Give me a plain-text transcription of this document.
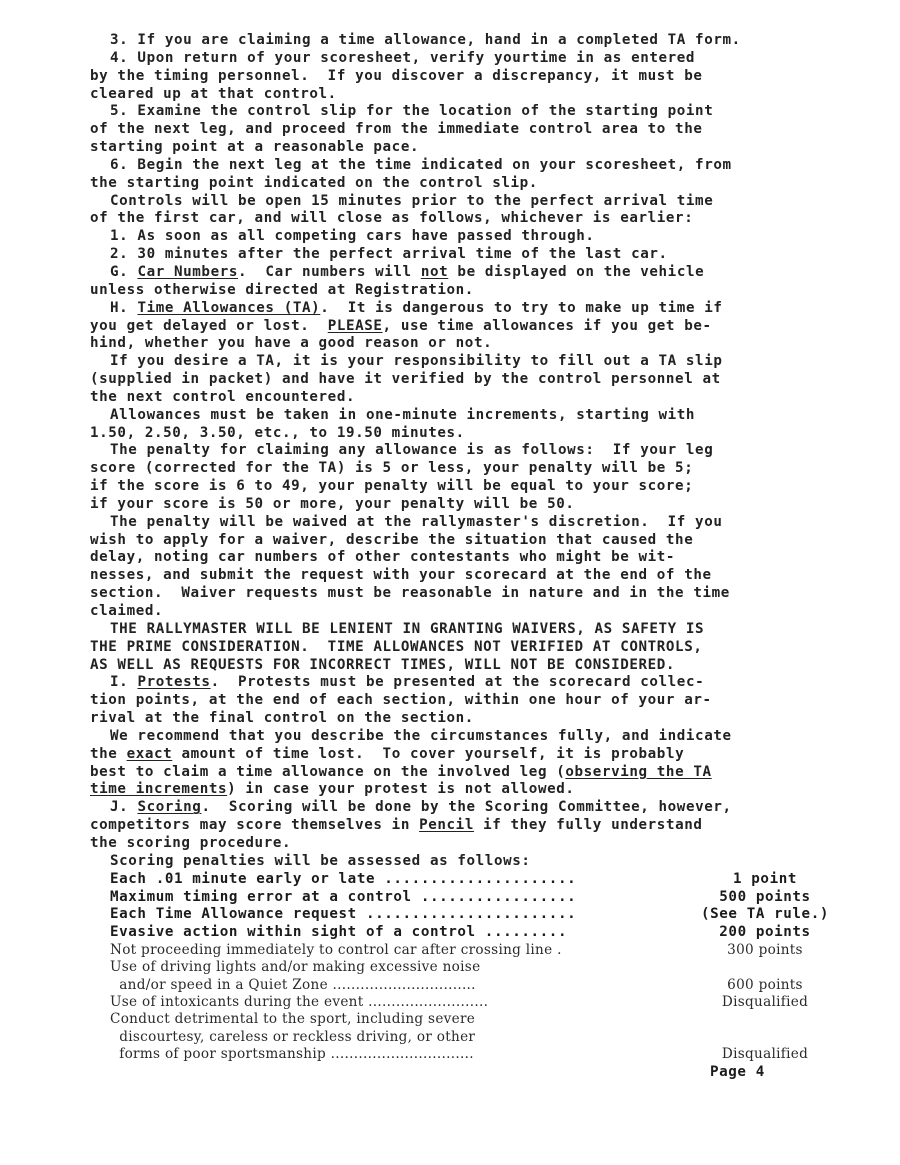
3. If you are claiming a time allowance, hand in a completed TA form.
4. Upon return of your scoresheet, verify yourtime in as entered
by the timing personnel.  If you discover a discrepancy, it must be
cleared up at that control.
5. Examine the control slip for the location of the starting point
of the next leg, and proceed from the immediate control area to the
starting point at a reasonable pace.
6. Begin the next leg at the time indicated on your scoresheet, from
the starting point indicated on the control slip.
Controls will be open 15 minutes prior to the perfect arrival time
of the first car, and will close as follows, whichever is earlier:
1. As soon as all competing cars have passed through.
2. 30 minutes after the perfect arrival time of the last car.
G. Car Numbers.  Car numbers will not be displayed on the vehicle
unless otherwise directed at Registration.
H. Time Allowances (TA).  It is dangerous to try to make up time if
you get delayed or lost.  PLEASE, use time allowances if you get be-
hind, whether you have a good reason or not.
If you desire a TA, it is your responsibility to fill out a TA slip
(supplied in packet) and have it verified by the control personnel at
the next control encountered.
Allowances must be taken in one-minute increments, starting with
1.50, 2.50, 3.50, etc., to 19.50 minutes.
The penalty for claiming any allowance is as follows:  If your leg
score (corrected for the TA) is 5 or less, your penalty will be 5;
if the score is 6 to 49, your penalty will be equal to your score;
if your score is 50 or more, your penalty will be 50.
The penalty will be waived at the rallymaster's discretion.  If you
wish to apply for a waiver, describe the situation that caused the
delay, noting car numbers of other contestants who might be wit-
nesses, and submit the request with your scorecard at the end of the
section.  Waiver requests must be reasonable in nature and in the time
claimed.
THE RALLYMASTER WILL BE LENIENT IN GRANTING WAIVERS, AS SAFETY IS
THE PRIME CONSIDERATION.  TIME ALLOWANCES NOT VERIFIED AT CONTROLS,
AS WELL AS REQUESTS FOR INCORRECT TIMES, WILL NOT BE CONSIDERED.
I. Protests.  Protests must be presented at the scorecard collec-
tion points, at the end of each section, within one hour of your ar-
rival at the final control on the section.
We recommend that you describe the circumstances fully, and indicate
the exact amount of time lost.  To cover yourself, it is probably
best to claim a time allowance on the involved leg (observing the TA
time increments) in case your protest is not allowed.
J. Scoring.  Scoring will be done by the Scoring Committee, however,
competitors may score themselves in Pencil if they fully understand
the scoring procedure.
Scoring penalties will be assessed as follows:
Each .01 minute early or late .....................	1 point
Maximum timing error at a control .................	500 points
Each Time Allowance request .......................	(See TA rule.)
Evasive action within sight of a control .........	200 points
Not proceeding immediately to control car after crossing line .	300 points
Use of driving lights and/or making excessive noise
and/or speed in a Quiet Zone ...............................	600 points
Use of intoxicants during the event ..........................	Disqualified
Conduct detrimental to the sport, including severe
discourtesy, careless or reckless driving, or other
forms of poor sportsmanship ...............................	Disqualified
Page 4
